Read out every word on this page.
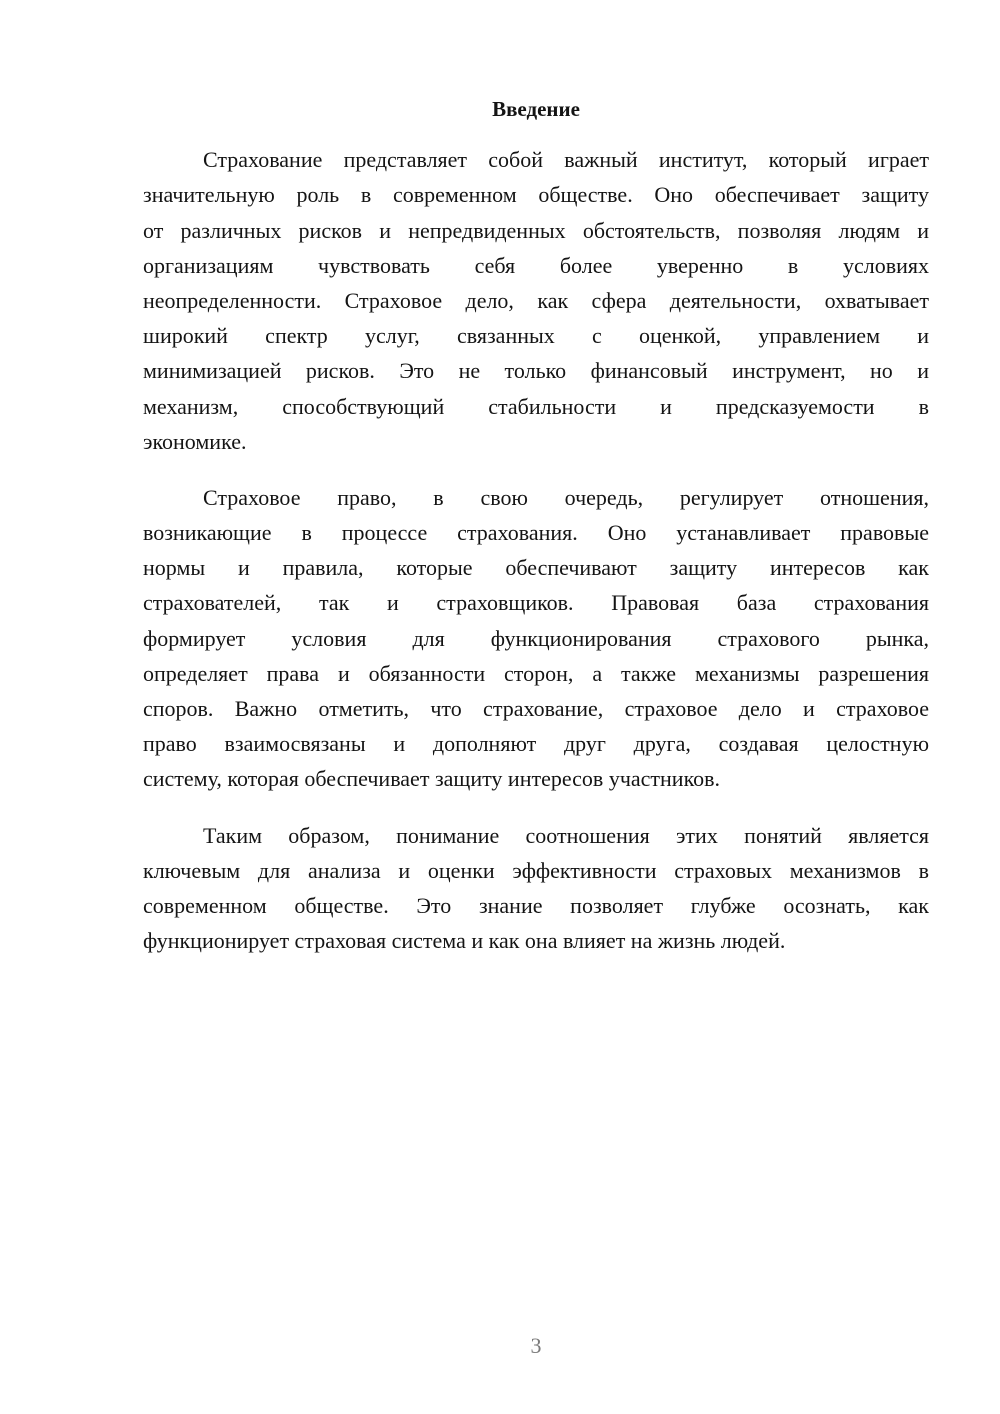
Введение
Страхование представляет собой важный институт, который играет
значительную роль в современном обществе. Оно обеспечивает защиту
от различных рисков и непредвиденных обстоятельств, позволяя людям и
организациям чувствовать себя более уверенно в условиях
неопределенности. Страховое дело, как сфера деятельности, охватывает
широкий спектр услуг, связанных с оценкой, управлением и
минимизацией рисков. Это не только финансовый инструмент, но и
механизм, способствующий стабильности и предсказуемости в
экономике.
Страховое право, в свою очередь, регулирует отношения,
возникающие в процессе страхования. Оно устанавливает правовые
нормы и правила, которые обеспечивают защиту интересов как
страхователей, так и страховщиков. Правовая база страхования
формирует условия для функционирования страхового рынка,
определяет права и обязанности сторон, а также механизмы разрешения
споров. Важно отметить, что страхование, страховое дело и страховое
право взаимосвязаны и дополняют друг друга, создавая целостную
систему, которая обеспечивает защиту интересов участников.
Таким образом, понимание соотношения этих понятий является
ключевым для анализа и оценки эффективности страховых механизмов в
современном обществе. Это знание позволяет глубже осознать, как
функционирует страховая система и как она влияет на жизнь людей.
3
